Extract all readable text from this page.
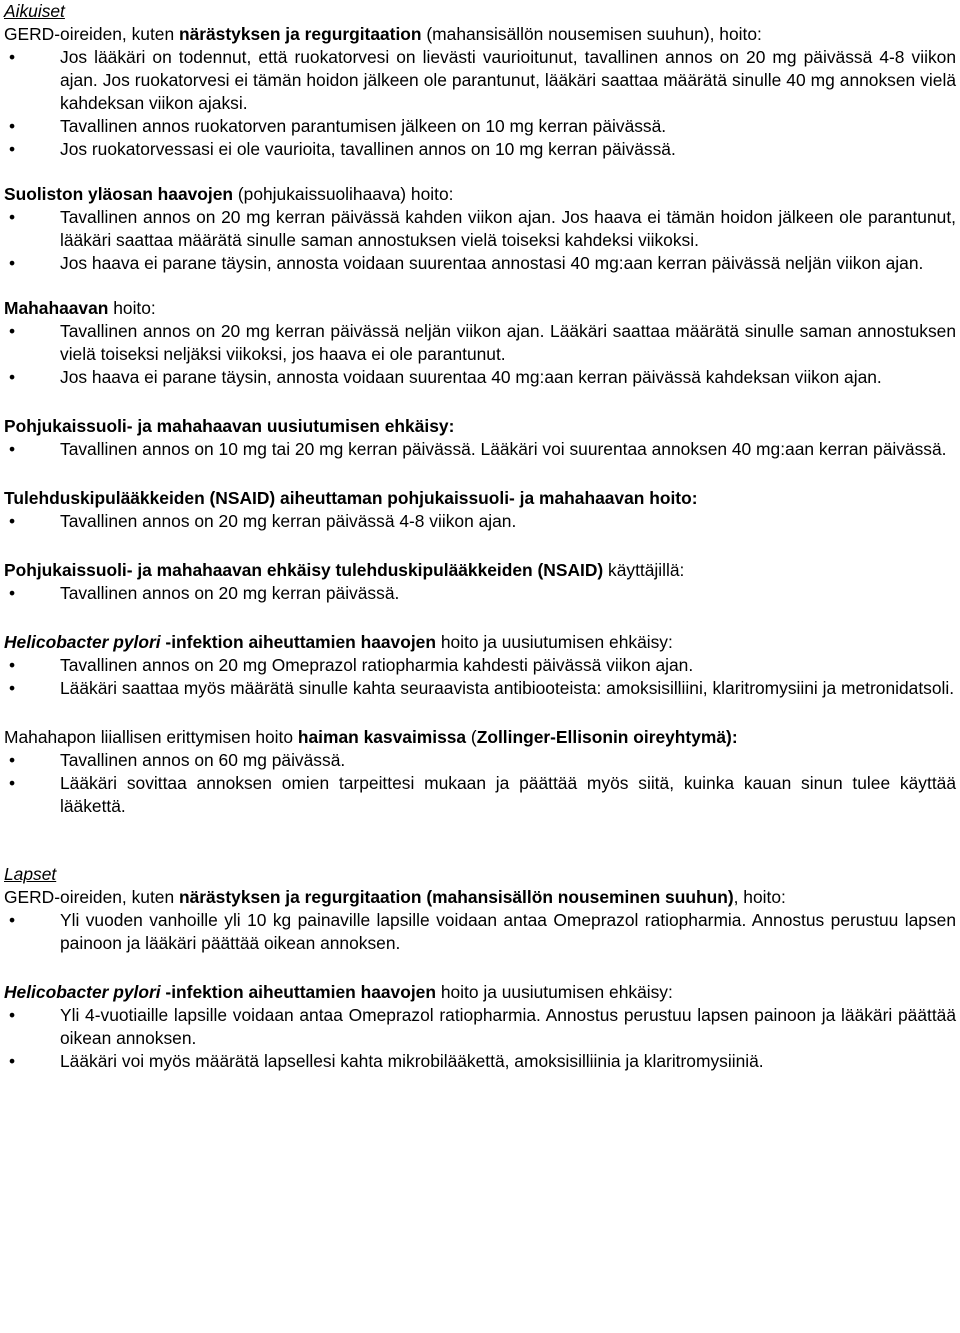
Aikuiset

GERD-oireiden, kuten närästyksen ja regurgitaation (mahansisällön nousemisen suuhun), hoito:

•	Jos lääkäri on todennut, että ruokatorvesi on lievästi vaurioitunut, tavallinen annos on 20 mg päivässä 4-8 viikon ajan. Jos ruokatorvesi ei tämän hoidon jälkeen ole parantunut, lääkäri saattaa määrätä sinulle 40 mg annoksen vielä kahdeksan viikon ajaksi.
•	Tavallinen annos ruokatorven parantumisen jälkeen on 10 mg kerran päivässä.
•	Jos ruokatorvessasi ei ole vaurioita, tavallinen annos on 10 mg kerran päivässä.

Suoliston yläosan haavojen (pohjukaissuolihaava) hoito:

•	Tavallinen annos on 20 mg kerran päivässä kahden viikon ajan. Jos haava ei tämän hoidon jälkeen ole parantunut, lääkäri saattaa määrätä sinulle saman annostuksen vielä toiseksi kahdeksi viikoksi.
•	Jos haava ei parane täysin, annosta voidaan suurentaa annostasi 40 mg:aan kerran päivässä neljän viikon ajan.

Mahahaavan hoito:

•	Tavallinen annos on 20 mg kerran päivässä neljän viikon ajan. Lääkäri saattaa määrätä sinulle saman annostuksen vielä toiseksi neljäksi viikoksi, jos haava ei ole parantunut.
•	Jos haava ei parane täysin, annosta voidaan suurentaa 40 mg:aan kerran päivässä kahdeksan viikon ajan.

Pohjukaissuoli- ja mahahaavan uusiutumisen ehkäisy:

•	Tavallinen annos on 10 mg tai 20 mg kerran päivässä. Lääkäri voi suurentaa annoksen 40 mg:aan kerran päivässä.

Tulehduskipulääkkeiden (NSAID) aiheuttaman pohjukaissuoli- ja mahahaavan hoito:

•	Tavallinen annos on 20 mg kerran päivässä 4-8 viikon ajan.

Pohjukaissuoli- ja mahahaavan ehkäisy tulehduskipulääkkeiden (NSAID) käyttäjillä:

•	Tavallinen annos on 20 mg kerran päivässä.

Helicobacter pylori -infektion aiheuttamien haavojen hoito ja uusiutumisen ehkäisy:

•	Tavallinen annos on 20 mg Omeprazol ratiopharmia kahdesti päivässä viikon ajan.
•	Lääkäri saattaa myös määrätä sinulle kahta seuraavista antibiooteista: amoksisilliini, klaritromysiini ja metronidatsoli.

Mahahapon liiallisen erittymisen hoito haiman kasvaimissa (Zollinger-Ellisonin oireyhtymä):

•	Tavallinen annos on 60 mg päivässä.
•	Lääkäri sovittaa annoksen omien tarpeittesi mukaan ja päättää myös siitä, kuinka kauan sinun tulee käyttää lääkettä.

Lapset

GERD-oireiden, kuten närästyksen ja regurgitaation (mahansisällön nouseminen suuhun), hoito:

•	Yli vuoden vanhoille yli 10 kg painaville lapsille voidaan antaa Omeprazol ratiopharmia. Annostus perustuu lapsen painoon ja lääkäri päättää oikean annoksen.

Helicobacter pylori -infektion aiheuttamien haavojen hoito ja uusiutumisen ehkäisy:

•	Yli 4-vuotiaille lapsille voidaan antaa Omeprazol ratiopharmia. Annostus perustuu lapsen painoon ja lääkäri päättää oikean annoksen.
•	Lääkäri voi myös määrätä lapsellesi kahta mikrobilääkettä, amoksisilliinia ja klaritromysiiniä.
